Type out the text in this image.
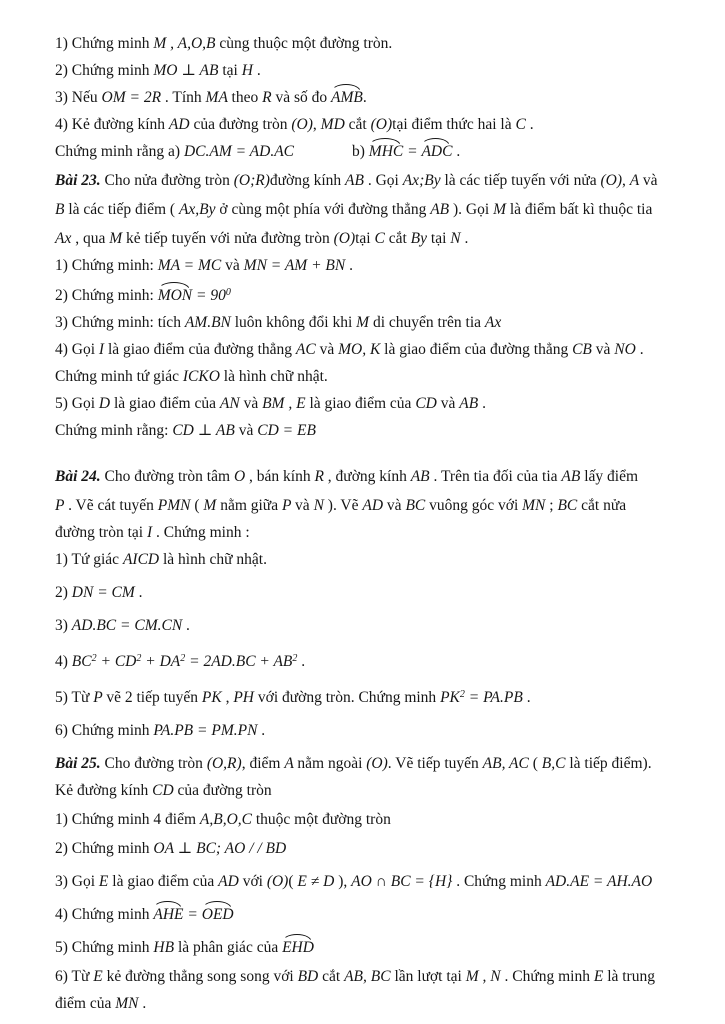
1) Chứng minh M , A,O,B cùng thuộc một đường tròn.
2) Chứng minh MO ⊥ AB tại H .
3) Nếu OM = 2R . Tính MA theo R và số đo AMB.
4) Kẻ đường kính AD của đường tròn (O), MD cắt (O)tại điểm thức hai là C .
Chứng minh rằng a) DC.AM = AD.AC	b) MHC = ADC .
Bài 23. Cho nửa đường tròn (O;R)đường kính AB . Gọi Ax;By là các tiếp tuyến với nửa (O), A và
B là các tiếp điểm ( Ax,By ở cùng một phía với đường thẳng AB ). Gọi M là điểm bất kì thuộc tia
Ax , qua M kẻ tiếp tuyến với nửa đường tròn (O)tại C cắt By tại N .
1) Chứng minh: MA = MC và MN = AM + BN .
2) Chứng minh: MON = $90^0$
3) Chứng minh: tích AM.BN luôn không đổi khi M di chuyển trên tia Ax
4) Gọi I là giao điểm của đường thẳng AC và MO, K là giao điểm của đường thẳng CB và NO .
Chứng minh tứ giác ICKO là hình chữ nhật.
5) Gọi D là giao điểm của AN và BM , E là giao điểm của CD và AB .
Chứng minh rằng: CD ⊥ AB và CD = EB
Bài 24. Cho đường tròn tâm O , bán kính R , đường kính AB . Trên tia đối của tia AB lấy điểm
P . Vẽ cát tuyến PMN ( M nằm giữa P và N ). Vẽ AD và BC vuông góc với MN ; BC cắt nửa
đường tròn tại I . Chứng minh :
1) Tứ giác AICD là hình chữ nhật.
2) DN = CM .
3) AD.BC = CM.CN .
4) $BC^2 + CD^2 + DA^2 = 2AD.BC + AB^2$ .
5) Từ P vẽ 2 tiếp tuyến PK , PH với đường tròn. Chứng minh $PK^2 = PA.PB$ .
6) Chứng minh PA.PB = PM.PN .
Bài 25. Cho đường tròn (O,R), điểm A nằm ngoài (O). Vẽ tiếp tuyến AB, AC ( B,C là tiếp điểm).
Kẻ đường kính CD của đường tròn
1) Chứng minh 4 điểm A,B,O,C thuộc một đường tròn
2) Chứng minh OA ⊥ BC; AO / / BD
3) Gọi E là giao điểm của AD với (O)( E ≠ D ), AO ∩ BC = {H} . Chứng minh AD.AE = AH.AO
4) Chứng minh AHE = OED
5) Chứng minh HB là phân giác của EHD
6) Từ E kẻ đường thẳng song song với BD cắt AB, BC lần lượt tại M , N . Chứng minh E là trung
điểm của MN .
